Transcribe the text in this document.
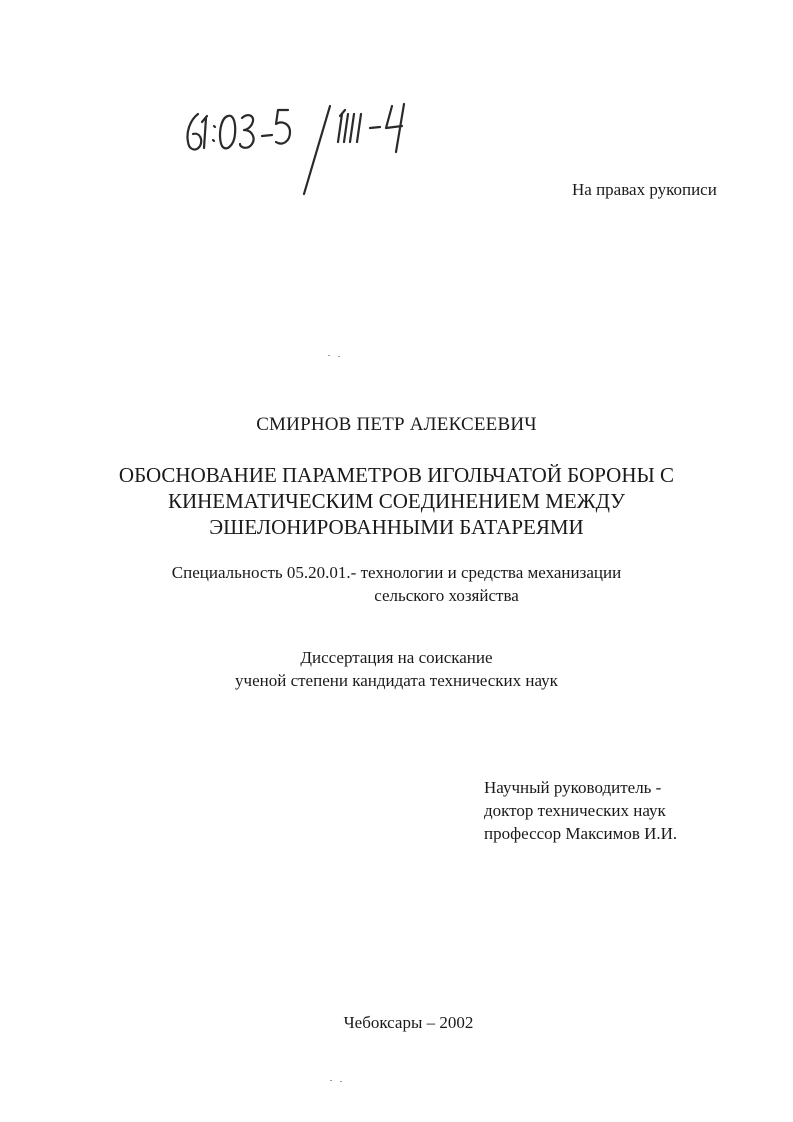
На правах рукописи
СМИРНОВ ПЕТР АЛЕКСЕЕВИЧ
ОБОСНОВАНИЕ ПАРАМЕТРОВ ИГОЛЬЧАТОЙ БОРОНЫ С
КИНЕМАТИЧЕСКИМ СОЕДИНЕНИЕМ МЕЖДУ
ЭШЕЛОНИРОВАННЫМИ БАТАРЕЯМИ
Специальность 05.20.01.- технологии и средства механизации
сельского хозяйства
Диссертация на соискание
ученой степени кандидата технических наук
Научный руководитель -
доктор технических наук
профессор Максимов И.И.
Чебоксары – 2002
